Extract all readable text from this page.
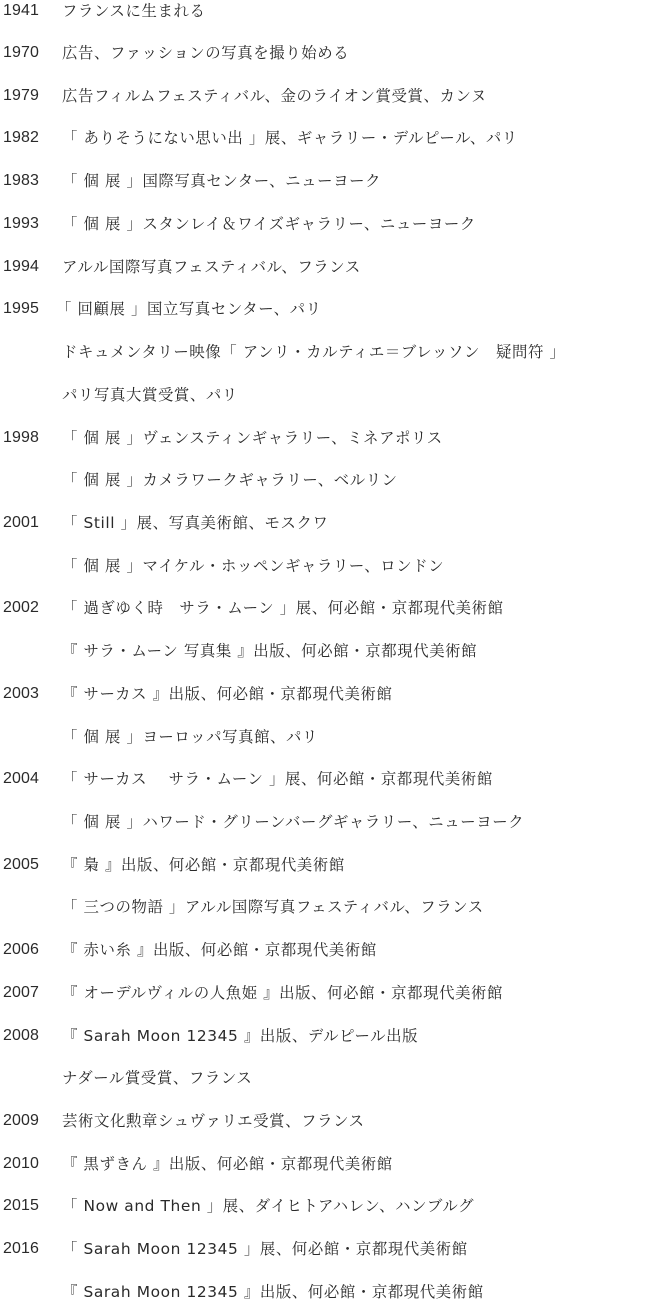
1941	フランスに生まれる
1970	広告、ファッションの写真を撮り始める
1979	広告フィルムフェスティバル、金のライオン賞受賞、カンヌ
1982	「 ありそうにない思い出 」展、ギャラリー・デルピール、パリ
1983	「 個 展 」国際写真センター、ニューヨーク
1993	「 個 展 」スタンレイ＆ワイズギャラリー、ニューヨーク
1994	アルル国際写真フェスティバル、フランス
1995	「 回顧展 」国立写真センター、パリ
ドキュメンタリー映像「 アンリ・カルティエ＝ブレッソン　疑問符 」
パリ写真大賞受賞、パリ
1998	「 個 展 」ヴェンスティンギャラリー、ミネアポリス
「 個 展 」カメラワークギャラリー、ベルリン
2001	「 Still 」展、写真美術館、モスクワ
「 個 展 」マイケル・ホッペンギャラリー、ロンドン
2002	「 過ぎゆく時　サラ・ムーン 」展、何必館・京都現代美術館
『 サラ・ムーン 写真集 』出版、何必館・京都現代美術館
2003	『 サーカス 』出版、何必館・京都現代美術館
「 個 展 」ヨーロッパ写真館、パリ
2004	「 サーカス　 サラ・ムーン 」展、何必館・京都現代美術館
「 個 展 」ハワード・グリーンバーグギャラリー、ニューヨーク
2005	『 梟 』出版、何必館・京都現代美術館
「 三つの物語 」アルル国際写真フェスティバル、フランス
2006	『 赤い糸 』出版、何必館・京都現代美術館
2007	『 オーデルヴィルの人魚姫 』出版、何必館・京都現代美術館
2008	『 Sarah Moon 12345 』出版、デルピール出版
ナダール賞受賞、フランス
2009	芸術文化勲章シュヴァリエ受賞、フランス
2010	『 黒ずきん 』出版、何必館・京都現代美術館
2015	「 Now and Then 」展、ダイヒトアハレン、ハンブルグ
2016	「 Sarah Moon 12345 」展、何必館・京都現代美術館
『 Sarah Moon 12345 』出版、何必館・京都現代美術館
